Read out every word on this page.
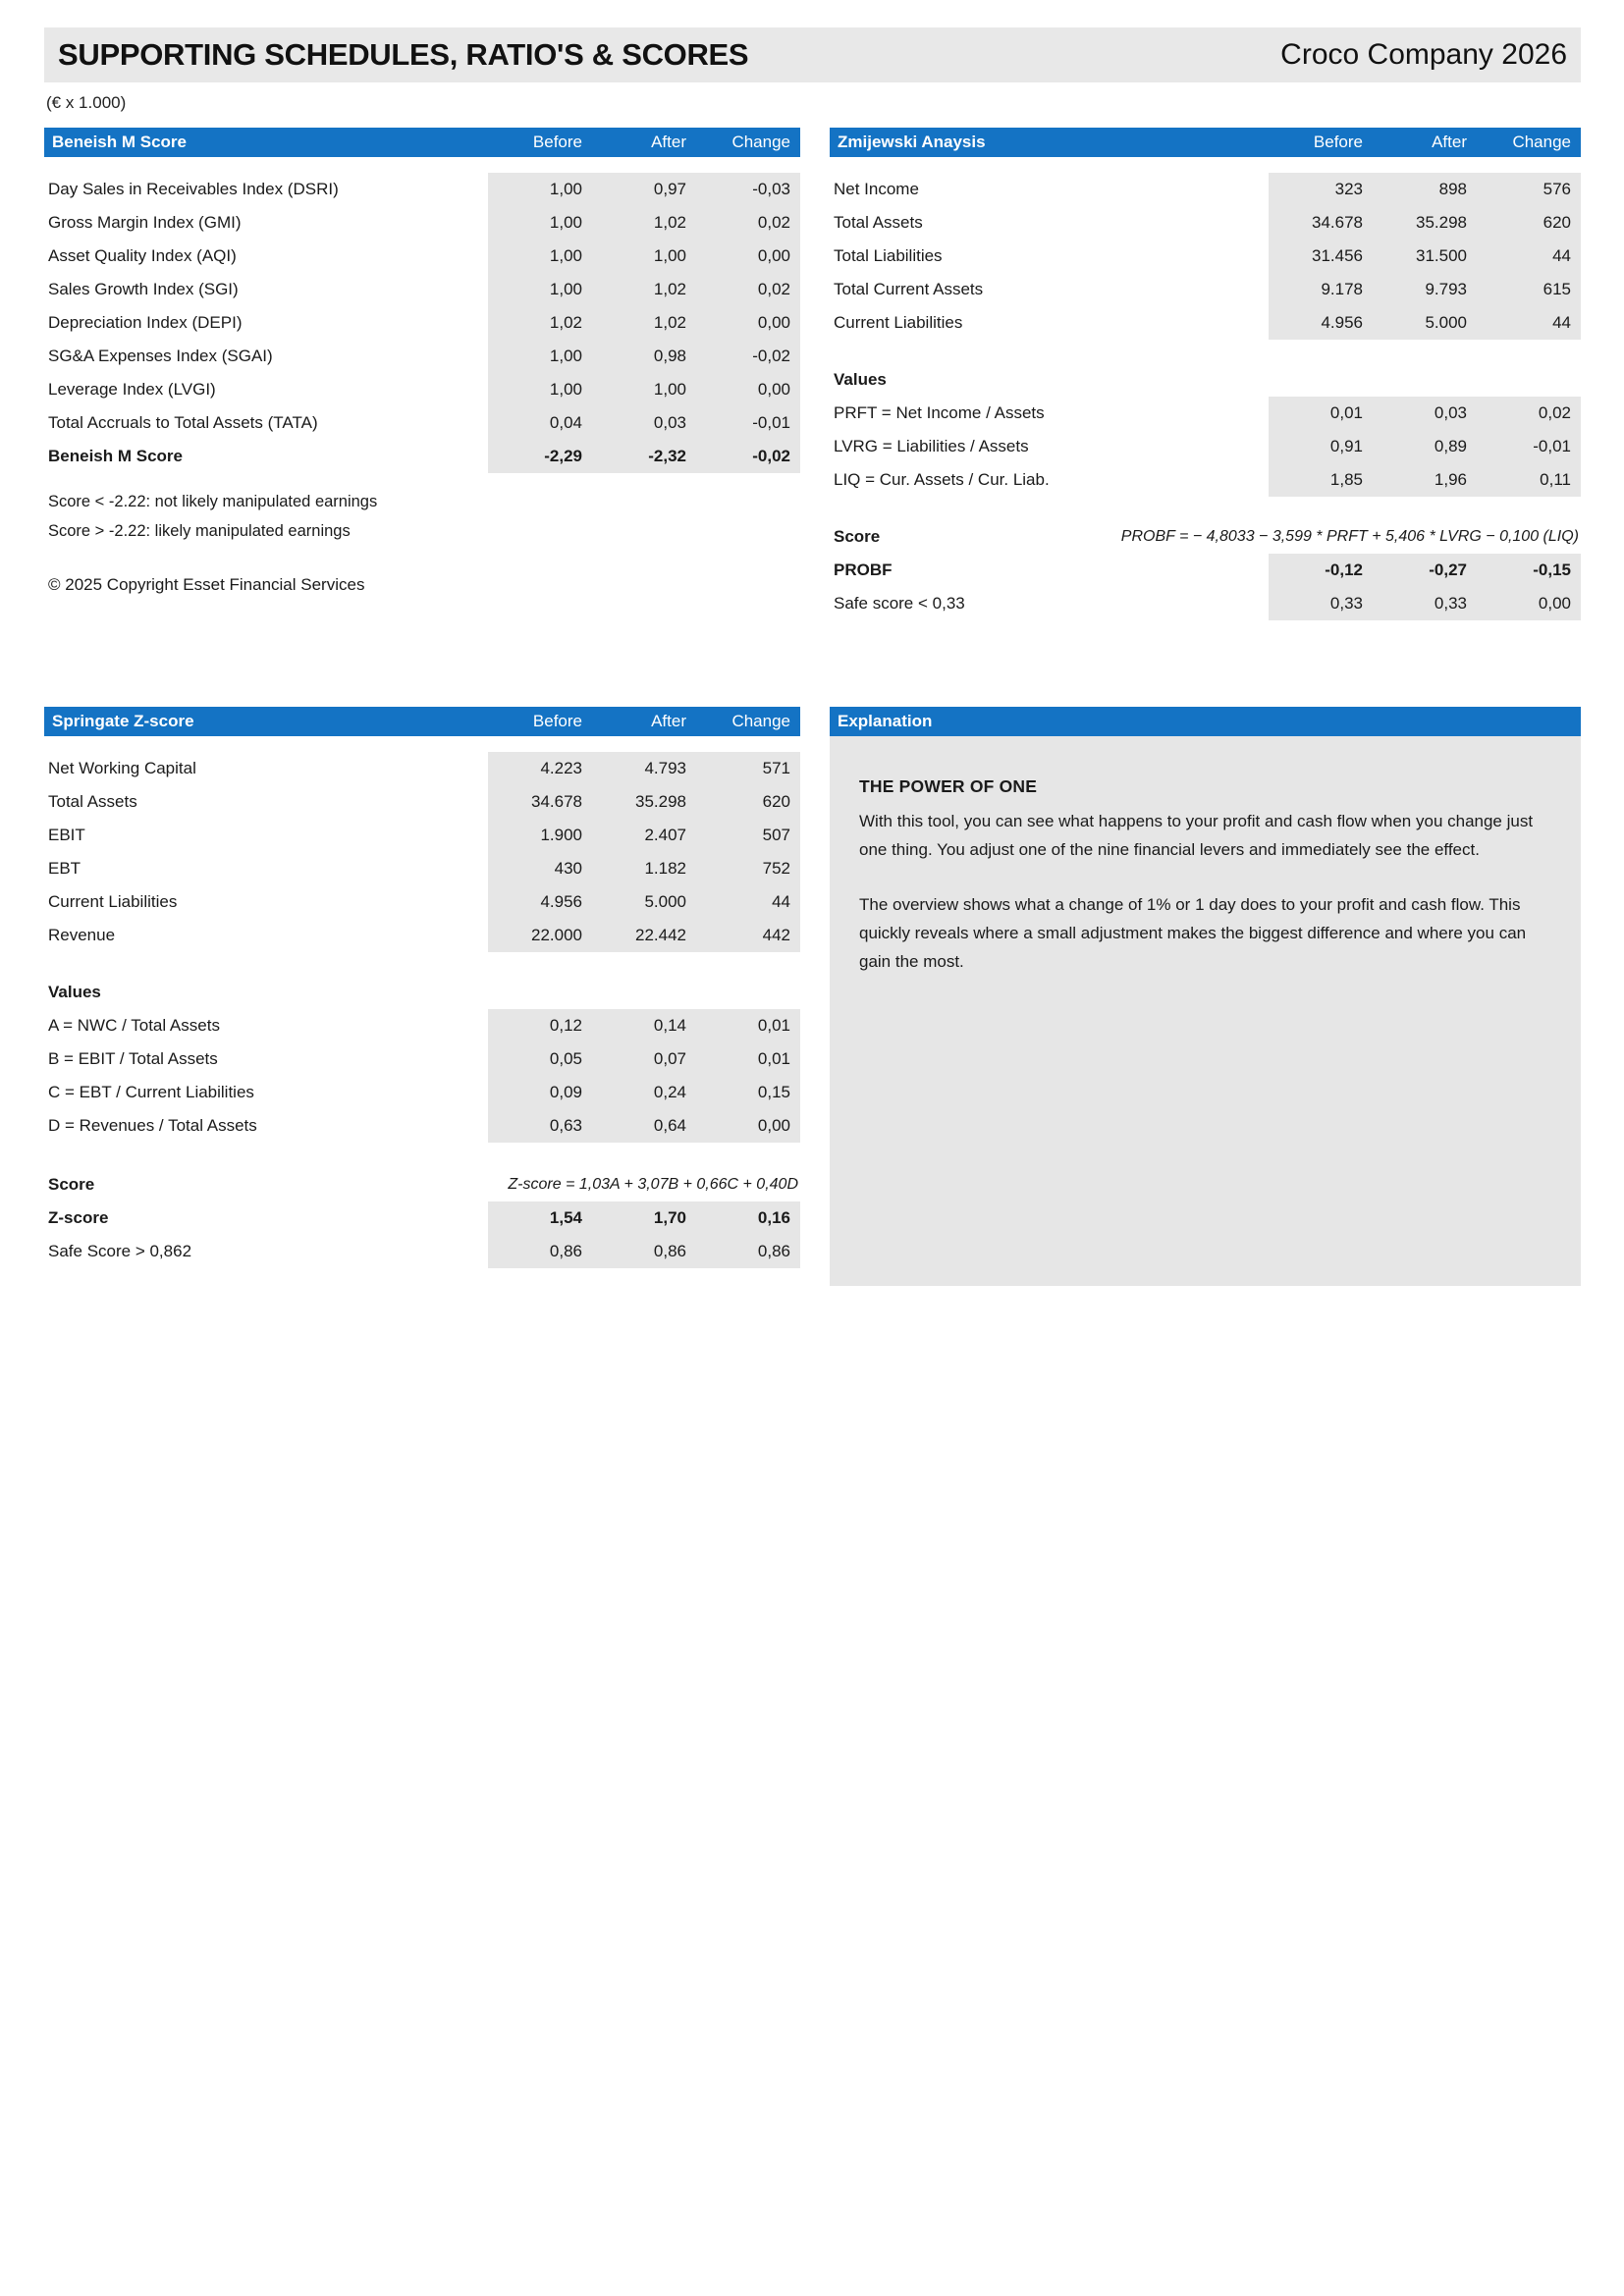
SUPPORTING SCHEDULES, RATIO'S & SCORES	Croco Company 2026
(€ x 1.000)
Beneish M Score	Before	After	Change
Day Sales in Receivables Index (DSRI)	1,00	0,97	-0,03
Gross Margin Index (GMI)	1,00	1,02	0,02
Asset Quality Index (AQI)	1,00	1,00	0,00
Sales Growth Index (SGI)	1,00	1,02	0,02
Depreciation Index (DEPI)	1,02	1,02	0,00
SG&A Expenses Index (SGAI)	1,00	0,98	-0,02
Leverage Index (LVGI)	1,00	1,00	0,00
Total Accruals to Total Assets (TATA)	0,04	0,03	-0,01
Beneish M Score	-2,29	-2,32	-0,02
Score < -2.22: not likely manipulated earnings
Score > -2.22: likely manipulated earnings
© 2025 Copyright Esset Financial Services
Zmijewski Anaysis	Before	After	Change
Net Income	323	898	576
Total Assets	34.678	35.298	620
Total Liabilities	31.456	31.500	44
Total Current Assets	9.178	9.793	615
Current Liabilities	4.956	5.000	44
Values
PRFT = Net Income / Assets	0,01	0,03	0,02
LVRG = Liabilities / Assets	0,91	0,89	-0,01
LIQ = Cur. Assets / Cur. Liab.	1,85	1,96	0,11
Score	PROBF = − 4,8033 − 3,599 * PRFT + 5,406 * LVRG − 0,100 (LIQ)
PROBF	-0,12	-0,27	-0,15
Safe score < 0,33	0,33	0,33	0,00
Springate Z-score	Before	After	Change
Net Working Capital	4.223	4.793	571
Total Assets	34.678	35.298	620
EBIT	1.900	2.407	507
EBT	430	1.182	752
Current Liabilities	4.956	5.000	44
Revenue	22.000	22.442	442
Values
A = NWC / Total Assets	0,12	0,14	0,01
B = EBIT / Total Assets	0,05	0,07	0,01
C = EBT / Current Liabilities	0,09	0,24	0,15
D = Revenues / Total Assets	0,63	0,64	0,00
Score	Z-score = 1,03A + 3,07B + 0,66C + 0,40D
Z-score	1,54	1,70	0,16
Safe Score > 0,862	0,86	0,86	0,86
Explanation
THE POWER OF ONE

With this tool, you can see what happens to your profit and cash flow when you change just one thing. You adjust one of the nine financial levers and immediately see the effect.

The overview shows what a change of 1% or 1 day does to your profit and cash flow. This quickly reveals where a small adjustment makes the biggest difference and where you can gain the most.
